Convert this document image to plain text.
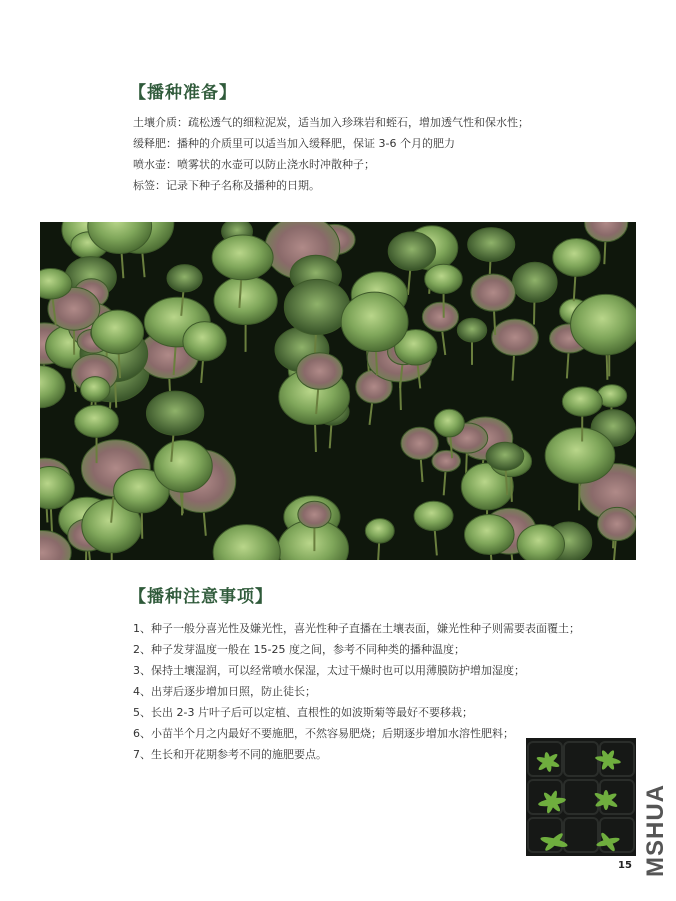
【播种准备】
土壤介质：疏松透气的细粒泥炭，适当加入珍珠岩和蛭石，增加透气性和保水性；
缓释肥：播种的介质里可以适当加入缓释肥，保证 3-6 个月的肥力
喷水壶：喷雾状的水壶可以防止浇水时冲散种子；
标签：记录下种子名称及播种的日期。
【播种注意事项】
1、种子一般分喜光性及嫌光性，喜光性种子直播在土壤表面，嫌光性种子则需要表面覆土；
2、种子发芽温度一般在 15-25 度之间，参考不同种类的播种温度；
3、保持土壤湿润，可以经常喷水保湿，太过干燥时也可以用薄膜防护增加湿度；
4、出芽后逐步增加日照，防止徒长；
5、长出 2-3 片叶子后可以定植、直根性的如波斯菊等最好不要移栽；
6、小苗半个月之内最好不要施肥，不然容易肥烧；后期逐步增加水溶性肥料；
7、生长和开花期参考不同的施肥要点。
15 MSHUA
